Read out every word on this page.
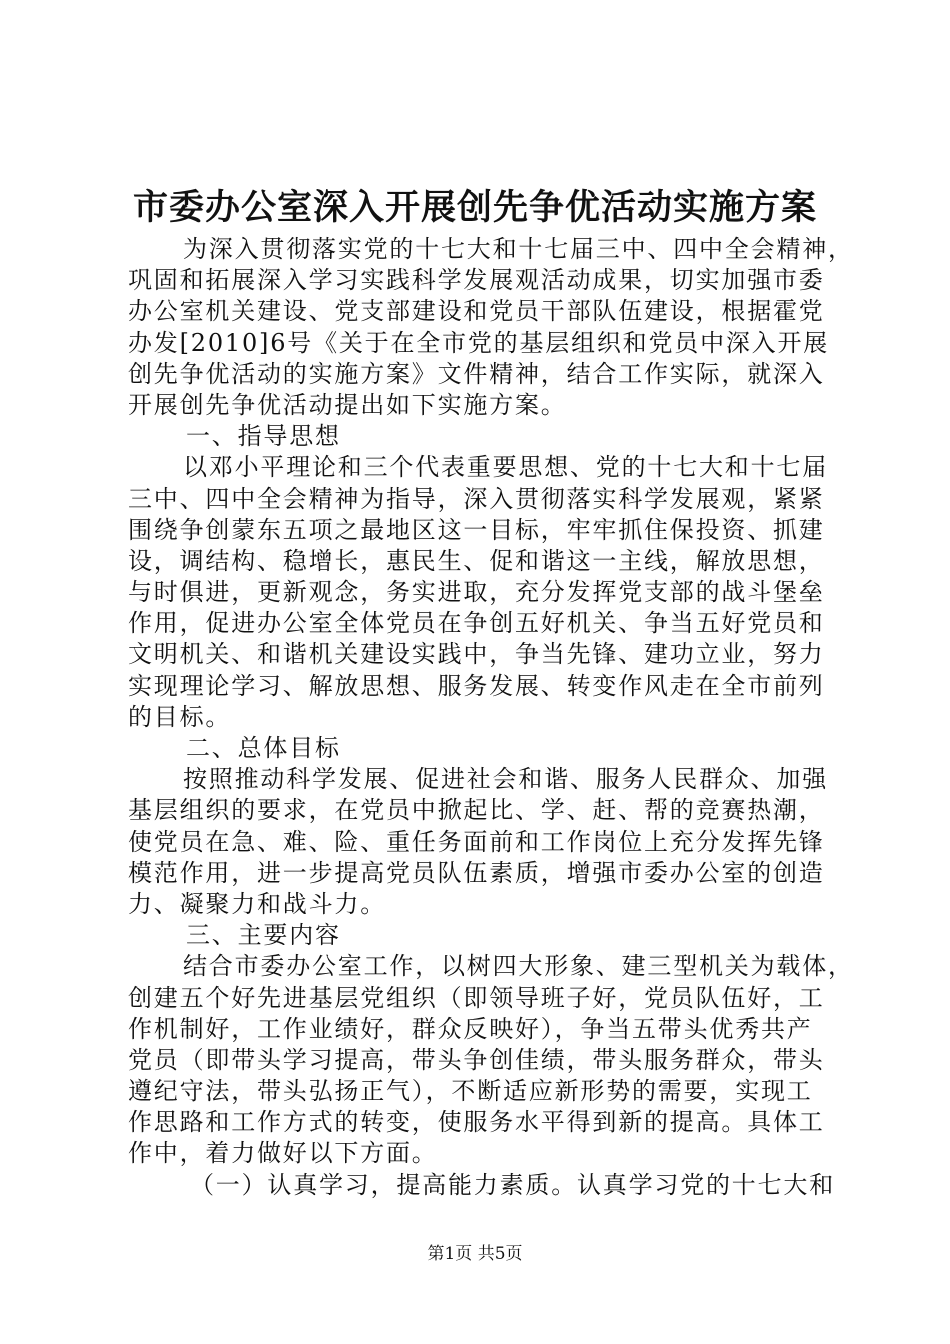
市委办公室深入开展创先争优活动实施方案
为深入贯彻落实党的十七大和十七届三中、四中全会精神，
巩固和拓展深入学习实践科学发展观活动成果，切实加强市委
办公室机关建设、党支部建设和党员干部队伍建设，根据霍党
办发[2010]6号《关于在全市党的基层组织和党员中深入开展
创先争优活动的实施方案》文件精神，结合工作实际，就深入
开展创先争优活动提出如下实施方案。
一、指导思想
以邓小平理论和三个代表重要思想、党的十七大和十七届
三中、四中全会精神为指导，深入贯彻落实科学发展观，紧紧
围绕争创蒙东五项之最地区这一目标，牢牢抓住保投资、抓建
设，调结构、稳增长，惠民生、促和谐这一主线，解放思想，
与时俱进，更新观念，务实进取，充分发挥党支部的战斗堡垒
作用，促进办公室全体党员在争创五好机关、争当五好党员和
文明机关、和谐机关建设实践中，争当先锋、建功立业，努力
实现理论学习、解放思想、服务发展、转变作风走在全市前列
的目标。
二、总体目标
按照推动科学发展、促进社会和谐、服务人民群众、加强
基层组织的要求，在党员中掀起比、学、赶、帮的竞赛热潮，
使党员在急、难、险、重任务面前和工作岗位上充分发挥先锋
模范作用，进一步提高党员队伍素质，增强市委办公室的创造
力、凝聚力和战斗力。
三、主要内容
结合市委办公室工作，以树四大形象、建三型机关为载体，
创建五个好先进基层党组织（即领导班子好，党员队伍好，工
作机制好，工作业绩好，群众反映好），争当五带头优秀共产
党员（即带头学习提高，带头争创佳绩，带头服务群众，带头
遵纪守法，带头弘扬正气），不断适应新形势的需要，实现工
作思路和工作方式的转变，使服务水平得到新的提高。具体工
作中，着力做好以下方面。
（一）认真学习，提高能力素质。认真学习党的十七大和
第1页 共5页
